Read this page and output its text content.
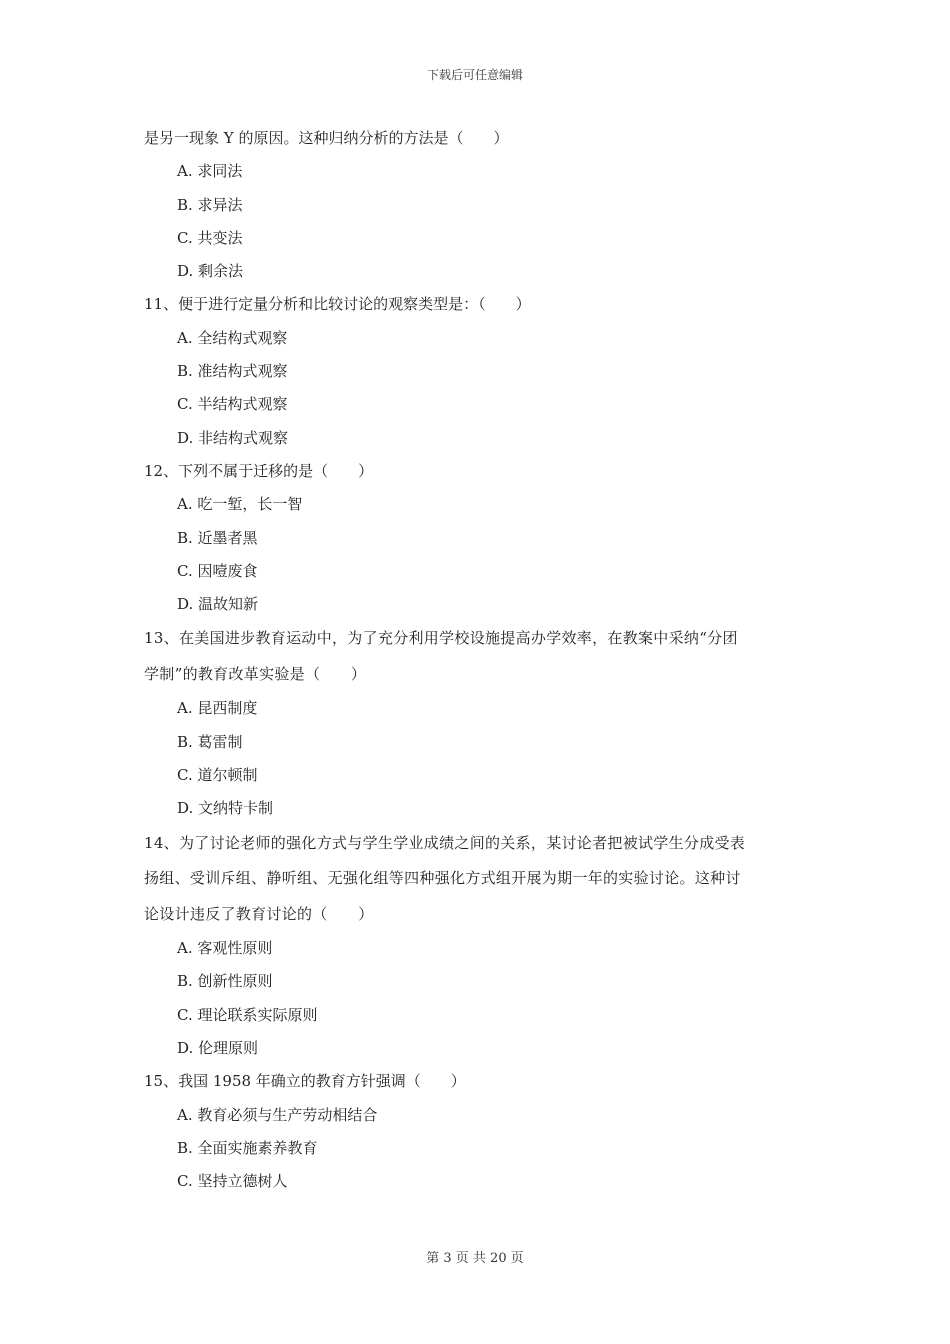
下载后可任意编辑
是另一现象 Y 的原因。这种归纳分析的方法是（　　）
A. 求同法
B. 求异法
C. 共变法
D. 剩余法
11、便于进行定量分析和比较讨论的观察类型是：（　　）
A. 全结构式观察
B. 准结构式观察
C. 半结构式观察
D. 非结构式观察
12、下列不属于迁移的是（　　）
A. 吃一堑，长一智
B. 近墨者黑
C. 因噎废食
D. 温故知新
13、在美国进步教育运动中，为了充分利用学校设施提高办学效率，在教案中采纳“分团
学制”的教育改革实验是（　　）
A. 昆西制度
B. 葛雷制
C. 道尔顿制
D. 文纳特卡制
14、为了讨论老师的强化方式与学生学业成绩之间的关系，某讨论者把被试学生分成受表
扬组、受训斥组、静听组、无强化组等四种强化方式组开展为期一年的实验讨论。这种讨
论设计违反了教育讨论的（　　）
A. 客观性原则
B. 创新性原则
C. 理论联系实际原则
D. 伦理原则
15、我国 1958 年确立的教育方针强调（　　）
A. 教育必须与生产劳动相结合
B. 全面实施素养教育
C. 坚持立德树人
第 3 页 共 20 页
